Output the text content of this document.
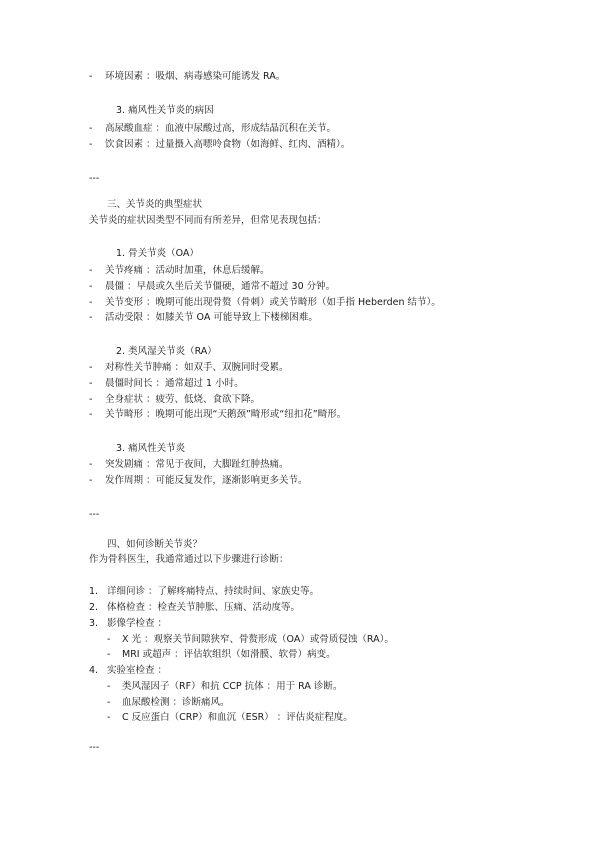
- 环境因素 ：吸烟、病毒感染可能诱发 RA。
3. 痛风性关节炎的病因
- 高尿酸血症 ：血液中尿酸过高，形成结晶沉积在关节。
- 饮食因素 ：过量摄入高嘌呤食物（如海鲜、红肉、酒精）。
---
三、关节炎的典型症状
关节炎的症状因类型不同而有所差异，但常见表现包括：
1. 骨关节炎（OA）
- 关节疼痛 ：活动时加重，休息后缓解。
- 晨僵 ：早晨或久坐后关节僵硬，通常不超过 30 分钟。
- 关节变形 ：晚期可能出现骨赘（骨刺）或关节畸形（如手指 Heberden 结节）。
- 活动受限 ：如膝关节 OA 可能导致上下楼梯困难。
2. 类风湿关节炎（RA）
- 对称性关节肿痛 ：如双手、双腕同时受累。
- 晨僵时间长 ：通常超过 1 小时。
- 全身症状 ：疲劳、低烧、食欲下降。
- 关节畸形 ：晚期可能出现“天鹅颈”畸形或“纽扣花”畸形。
3. 痛风性关节炎
- 突发剧痛 ：常见于夜间，大脚趾红肿热痛。
- 发作周期 ：可能反复发作，逐渐影响更多关节。
---
四、如何诊断关节炎？
作为骨科医生，我通常通过以下步骤进行诊断：
1. 详细问诊 ：了解疼痛特点、持续时间、家族史等。
2. 体格检查 ：检查关节肿胀、压痛、活动度等。
3. 影像学检查 ：
- X 光 ：观察关节间隙狭窄、骨赘形成（OA）或骨质侵蚀（RA）。
- MRI 或超声 ：评估软组织（如滑膜、软骨）病变。
4. 实验室检查 ：
- 类风湿因子（RF）和抗 CCP 抗体 ：用于 RA 诊断。
- 血尿酸检测 ：诊断痛风。
- C 反应蛋白（CRP）和血沉（ESR） ：评估炎症程度。
---
